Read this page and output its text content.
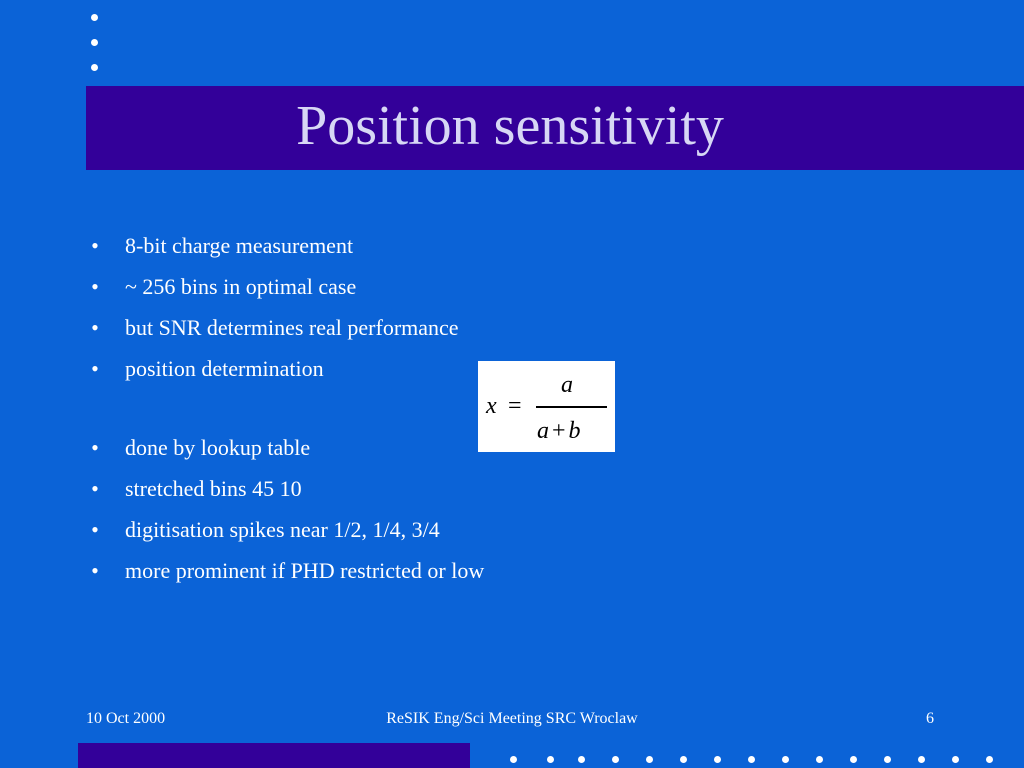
Position sensitivity
• 8-bit charge measurement
• ~ 256 bins in optimal case
• but SNR determines real performance
• position determination
• done by lookup table
• stretched bins 45 10
• digitisation spikes near 1/2, 1/4, 3/4
• more prominent if PHD restricted or low
x =
a
a + b
10 Oct 2000	ReSIK Eng/Sci Meeting SRC Wroclaw	6
